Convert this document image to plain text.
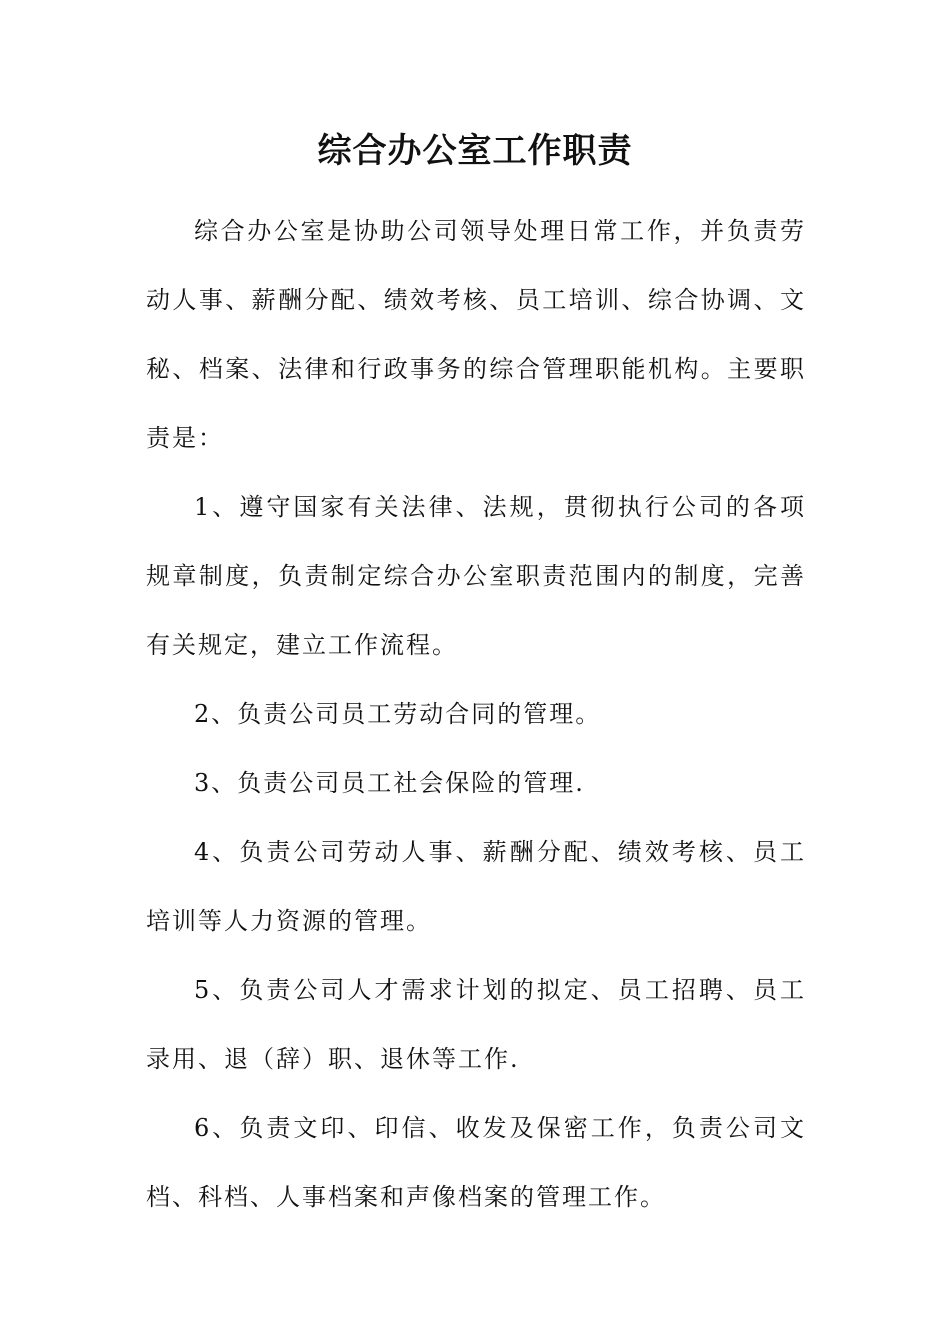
综合办公室工作职责

综合办公室是协助公司领导处理日常工作，并负责劳动人事、薪酬分配、绩效考核、员工培训、综合协调、文秘、档案、法律和行政事务的综合管理职能机构。主要职责是：

1、遵守国家有关法律、法规，贯彻执行公司的各项规章制度，负责制定综合办公室职责范围内的制度，完善有关规定，建立工作流程。

2、负责公司员工劳动合同的管理。

3、负责公司员工社会保险的管理.

4、负责公司劳动人事、薪酬分配、绩效考核、员工培训等人力资源的管理。

5、负责公司人才需求计划的拟定、员工招聘、员工录用、退（辞）职、退休等工作.

6、负责文印、印信、收发及保密工作，负责公司文档、科档、人事档案和声像档案的管理工作。
